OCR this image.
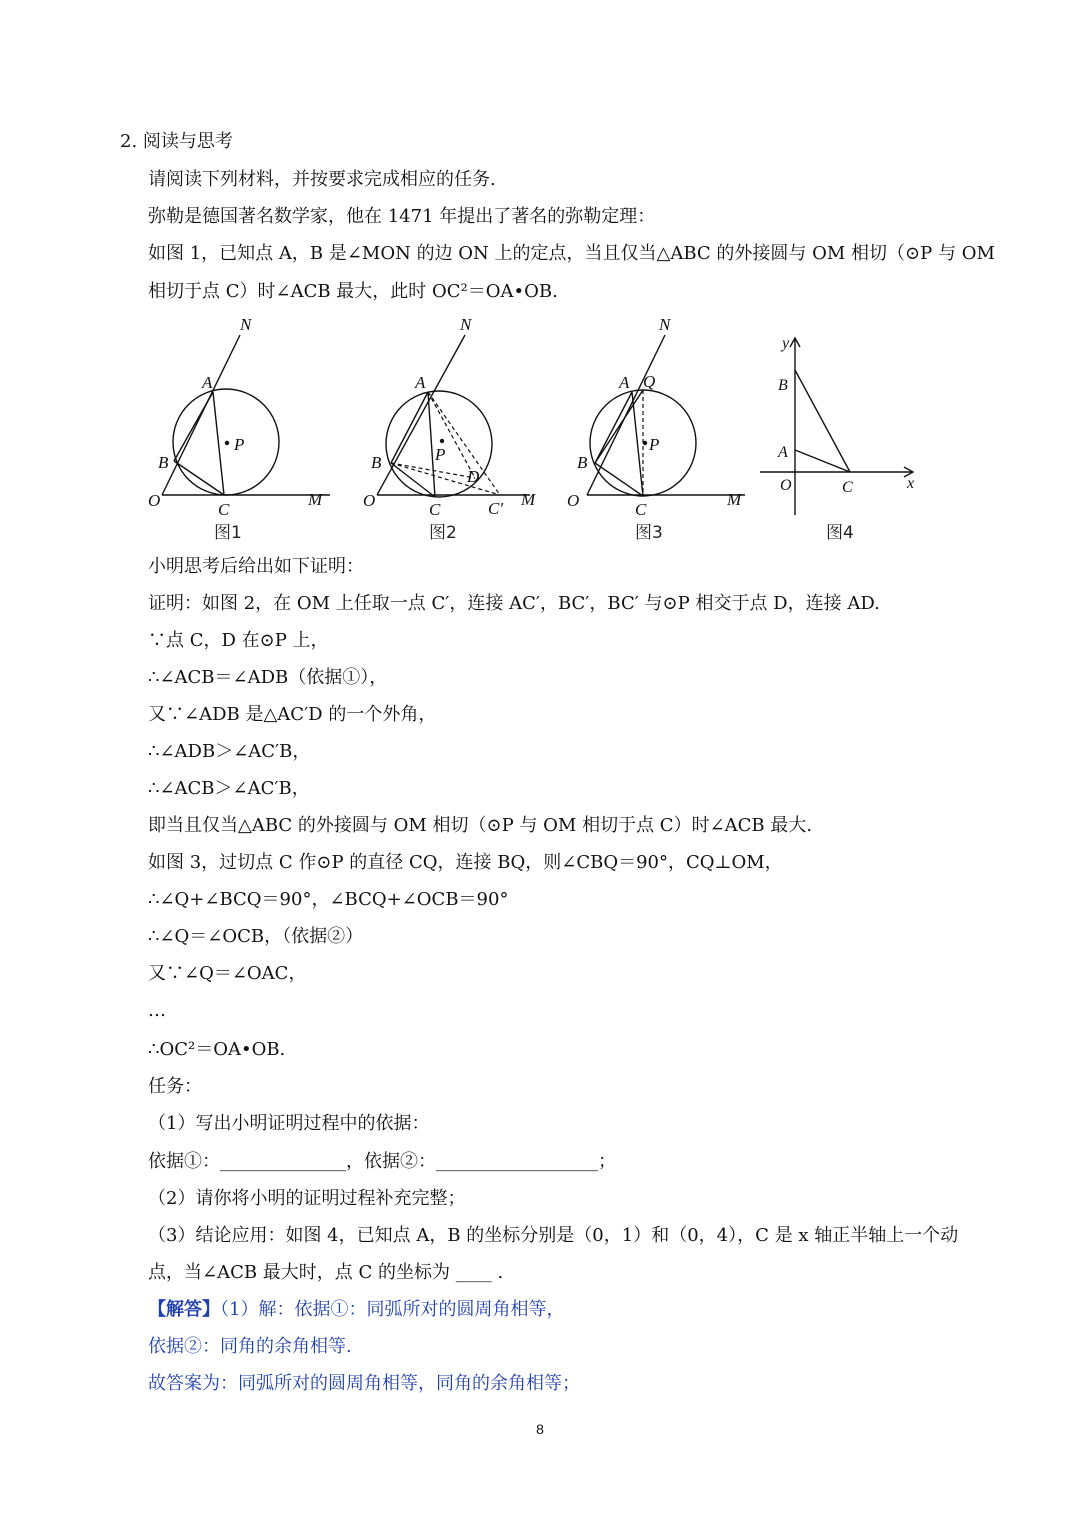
2. 阅读与思考
请阅读下列材料，并按要求完成相应的任务.
弥勒是德国著名数学家，他在 1471 年提出了著名的弥勒定理：
如图 1，已知点 A，B 是∠MON 的边 ON 上的定点，当且仅当△ABC 的外接圆与 OM 相切（⊙P 与 OM
相切于点 C）时∠ACB 最大，此时 OC²＝OA•OB.
N
A
P
B
O	C
M
图1
N
A
P
B
D
O	C	C′ M
图2
N
A Q
P
B
O	C
M
图3
y
B
A
O	C	x
图4
小明思考后给出如下证明：
证明：如图 2，在 OM 上任取一点 C′，连接 AC′，BC′，BC′ 与⊙P 相交于点 D，连接 AD.
∵点 C，D 在⊙P 上，
∴∠ACB＝∠ADB（依据①），
又∵∠ADB 是△AC′D 的一个外角，
∴∠ADB＞∠AC′B，
∴∠ACB＞∠AC′B，
即当且仅当△ABC 的外接圆与 OM 相切（⊙P 与 OM 相切于点 C）时∠ACB 最大.
如图 3，过切点 C 作⊙P 的直径 CQ，连接 BQ，则∠CBQ＝90°，CQ⊥OM，
∴∠Q+∠BCQ＝90°，∠BCQ+∠OCB＝90°
∴∠Q＝∠OCB，（依据②）
又∵∠Q＝∠OAC，
…
∴OC²＝OA•OB.
任务：
（1）写出小明证明过程中的依据：
依据①：______________，依据②：__________________；
（2）请你将小明的证明过程补充完整；
（3）结论应用：如图 4，已知点 A，B 的坐标分别是（0，1）和（0，4），C 是 x 轴正半轴上一个动
点，当∠ACB 最大时，点 C 的坐标为 ____ .
【解答】（1）解：依据①：同弧所对的圆周角相等，
依据②：同角的余角相等.
故答案为：同弧所对的圆周角相等，同角的余角相等；
8
